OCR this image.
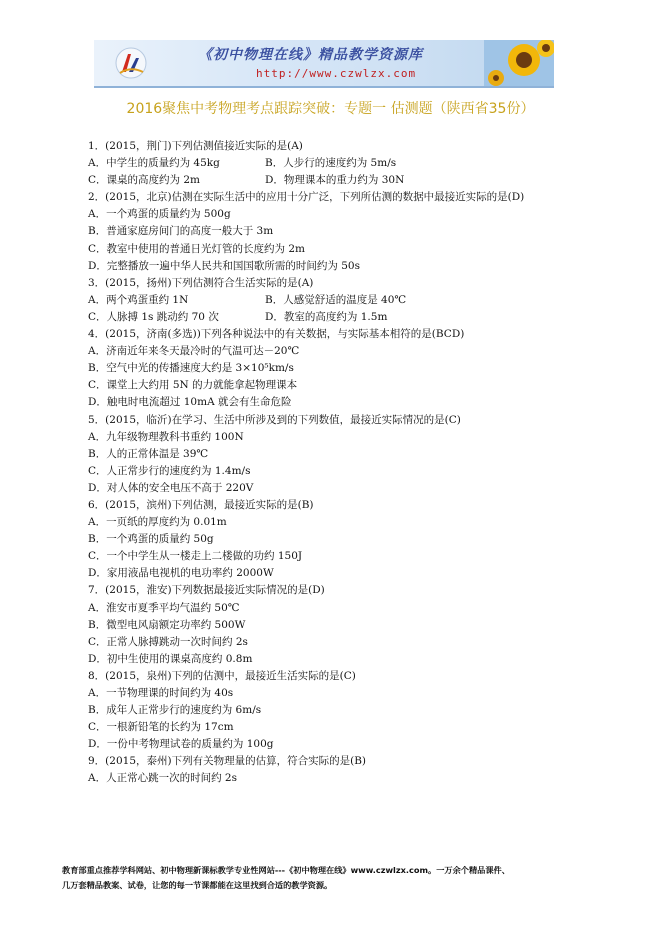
《初中物理在线》精品教学资源库
http://www.czwlzx.com
2016聚焦中考物理考点跟踪突破：专题一 估测题（陕西省35份）
1．(2015，荆门)下列估测值接近实际的是(A)
A．中学生的质量约为 45kg	B．人步行的速度约为 5m/s
C．课桌的高度约为 2m	D．物理课本的重力约为 30N
2．(2015，北京)估测在实际生活中的应用十分广泛，下列所估测的数据中最接近实际的是(D)
A．一个鸡蛋的质量约为 500g
B．普通家庭房间门的高度一般大于 3m
C．教室中使用的普通日光灯管的长度约为 2m
D．完整播放一遍中华人民共和国国歌所需的时间约为 50s
3．(2015，扬州)下列估测符合生活实际的是(A)
A．两个鸡蛋重约 1N	B．人感觉舒适的温度是 40℃
C．人脉搏 1s 跳动约 70 次	D．教室的高度约为 1.5m
4．(2015，济南(多选))下列各种说法中的有关数据，与实际基本相符的是(BCD)
A．济南近年来冬天最冷时的气温可达－20℃
B．空气中光的传播速度大约是 3×10⁵km/s
C．课堂上大约用 5N 的力就能拿起物理课本
D．触电时电流超过 10mA 就会有生命危险
5．(2015，临沂)在学习、生活中所涉及到的下列数值，最接近实际情况的是(C)
A．九年级物理教科书重约 100N
B．人的正常体温是 39℃
C．人正常步行的速度约为 1.4m/s
D．对人体的安全电压不高于 220V
6．(2015，滨州)下列估测，最接近实际的是(B)
A．一页纸的厚度约为 0.01m
B．一个鸡蛋的质量约 50g
C．一个中学生从一楼走上二楼做的功约 150J
D．家用液晶电视机的电功率约 2000W
7．(2015，淮安)下列数据最接近实际情况的是(D)
A．淮安市夏季平均气温约 50℃
B．微型电风扇额定功率约 500W
C．正常人脉搏跳动一次时间约 2s
D．初中生使用的课桌高度约 0.8m
8．(2015，泉州)下列的估测中，最接近生活实际的是(C)
A．一节物理课的时间约为 40s
B．成年人正常步行的速度约为 6m/s
C．一根新铅笔的长约为 17cm
D．一份中考物理试卷的质量约为 100g
9．(2015，泰州)下列有关物理量的估算，符合实际的是(B)
A．人正常心跳一次的时间约 2s
教育部重点推荐学科网站、初中物理新课标教学专业性网站---《初中物理在线》www.czwlzx.com。一万余个精品课件、
几万套精品教案、试卷，让您的每一节课都能在这里找到合适的教学资源。
